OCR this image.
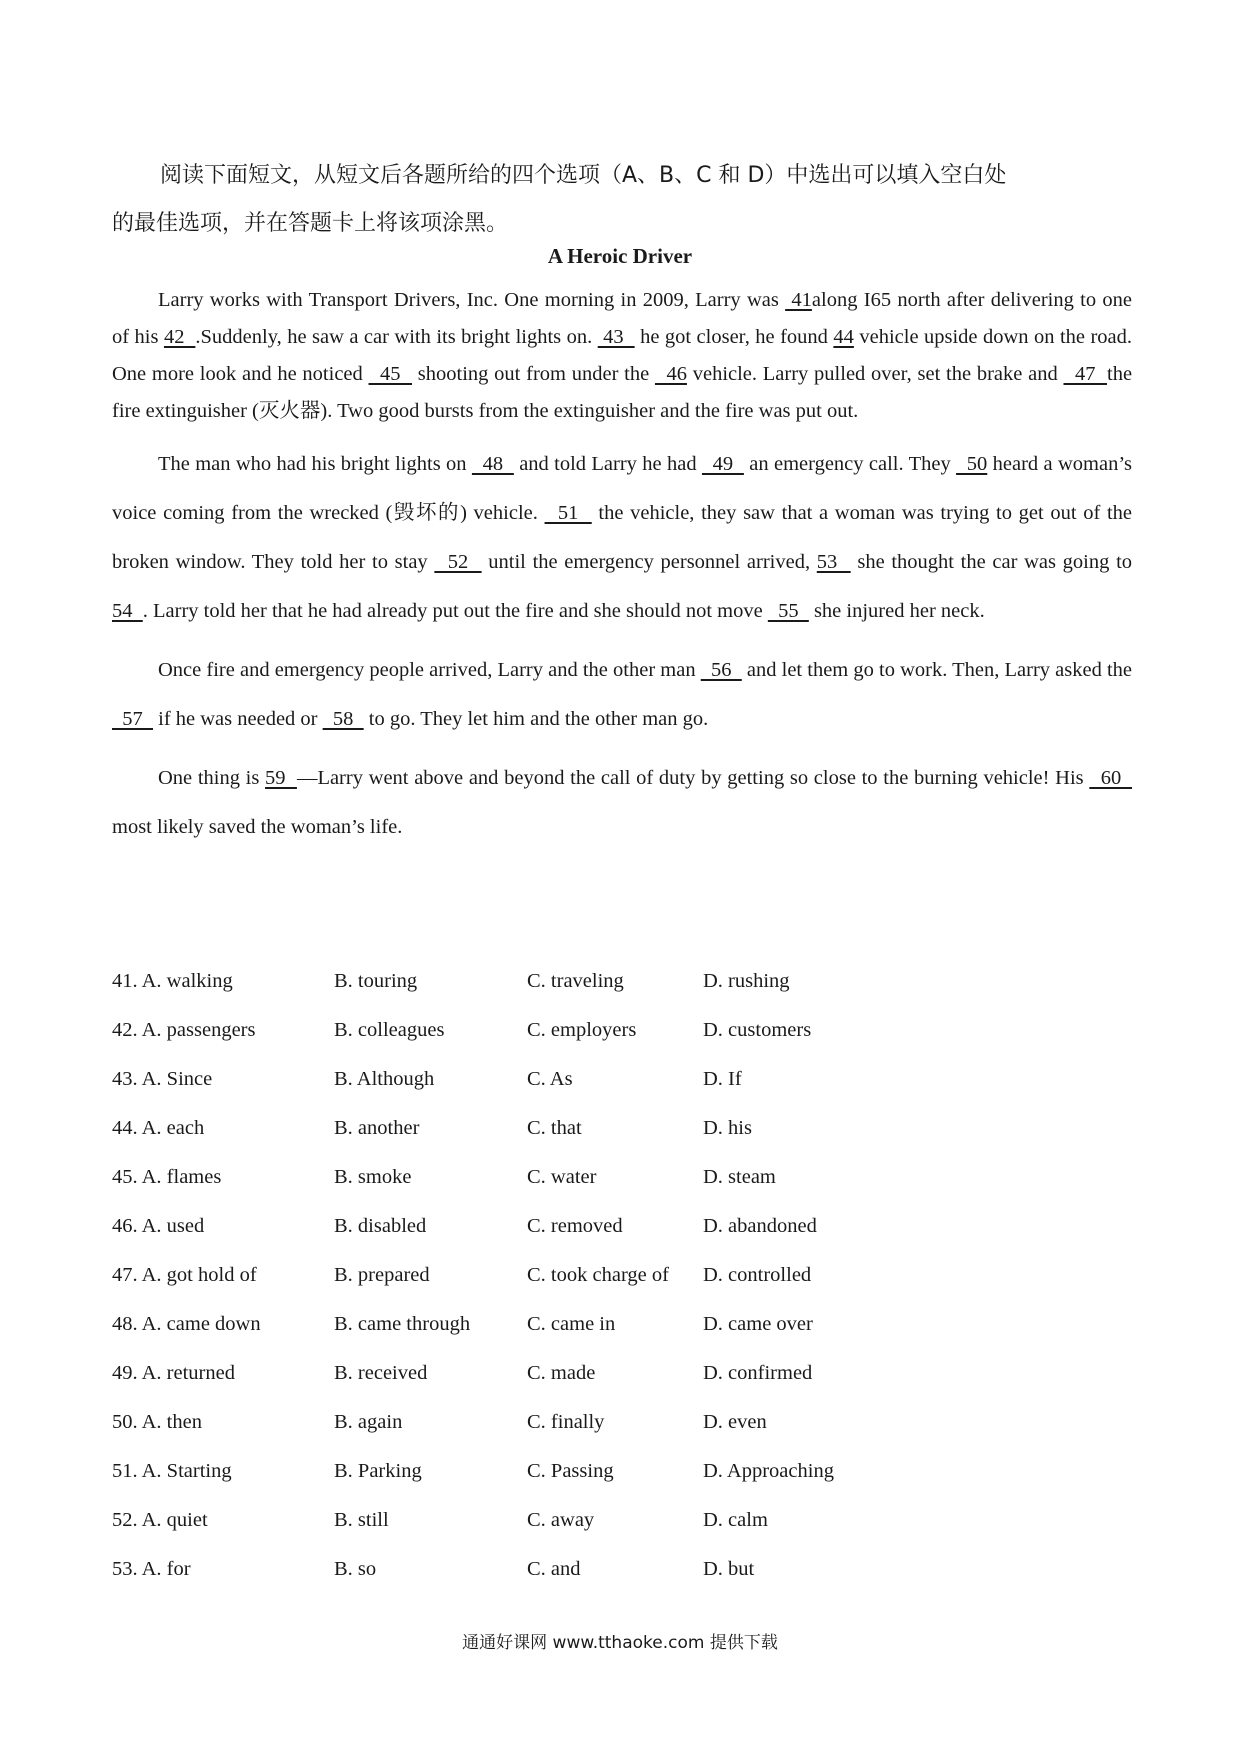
阅读下面短文，从短文后各题所给的四个选项（A、B、C 和 D）中选出可以填入空白处
的最佳选项，并在答题卡上将该项涂黑。
A Heroic Driver

Larry works with Transport Drivers, Inc. One morning in 2009, Larry was  41along I65 north after delivering to one of his 42  .Suddenly, he saw a car with its bright lights on.  43   he got closer, he found 44 vehicle upside down on the road. One more look and he noticed   45   shooting out from under the   46 vehicle. Larry pulled over, set the brake and   47  the fire extinguisher (灭火器). Two good bursts from the extinguisher and the fire was put out.

The man who had his bright lights on   48   and told Larry he had   49   an emergency call. They   50 heard a woman’s voice coming from the wrecked (毁坏的) vehicle.   51   the vehicle, they saw that a woman was trying to get out of the broken window. They told her to stay   52   until the emergency personnel arrived, 53   she thought the car was going to 54  . Larry told her that he had already put out the fire and she should not move   55   she injured her neck.

Once fire and emergency people arrived, Larry and the other man   56   and let them go to work. Then, Larry asked the   57   if he was needed or   58   to go. They let him and the other man go.

One thing is 59  —Larry went above and beyond the call of duty by getting so close to the burning vehicle! His   60   most likely saved the woman’s life.

41. A. walking	B. touring	C. traveling	D. rushing
42. A. passengers	B. colleagues	C. employers	D. customers
43. A. Since	B. Although	C. As	D. If
44. A. each	B. another	C. that	D. his
45. A. flames	B. smoke	C. water	D. steam
46. A. used	B. disabled	C. removed	D. abandoned
47. A. got hold of	B. prepared	C. took charge of D. controlled
48. A. came down	B. came through	C. came in	D. came over
49. A. returned	B. received	C. made	D. confirmed
50. A. then	B. again	C. finally	D. even
51. A. Starting	B. Parking	C. Passing	D. Approaching
52. A. quiet	B. still	C. away	D. calm
53. A. for	B. so	C. and	D. but
通通好课网 www.tthaoke.com 提供下载
